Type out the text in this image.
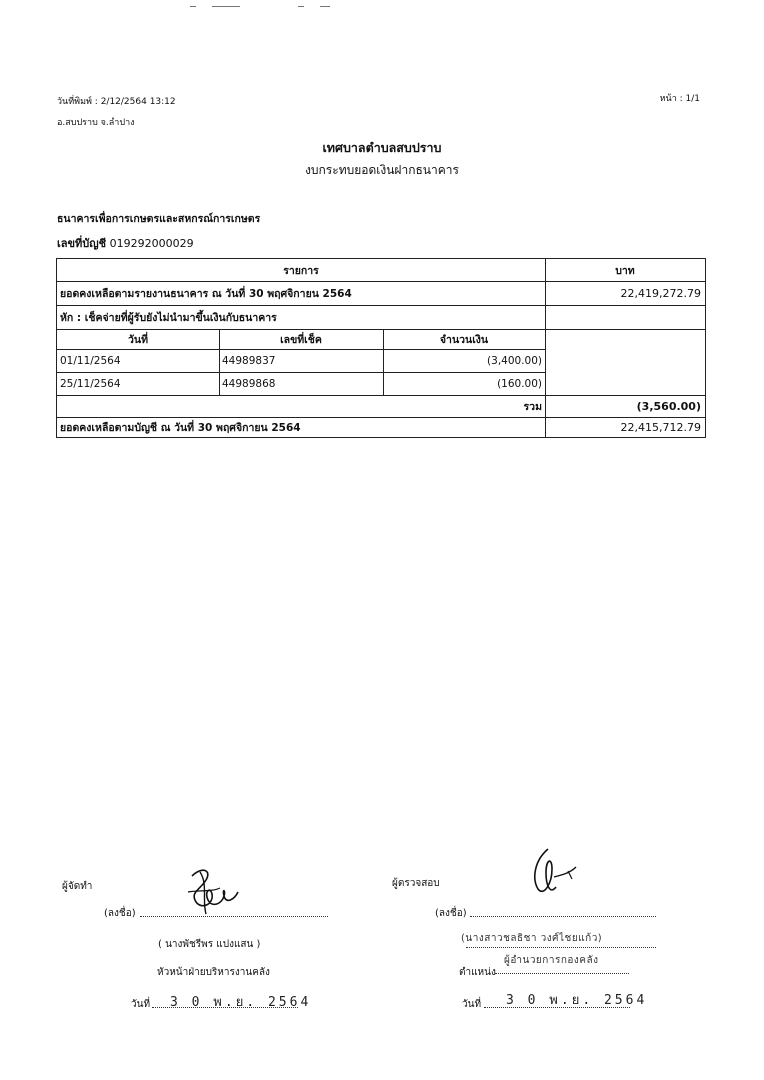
วันที่พิมพ์ : 2/12/2564 13:12
อ.สบปราบ จ.ลำปาง
หน้า : 1/1
เทศบาลตำบลสบปราบ
งบกระทบยอดเงินฝากธนาคาร
ธนาคารเพื่อการเกษตรและสหกรณ์การเกษตร
เลขที่บัญชี 019292000029
รายการ	บาท
ยอดคงเหลือตามรายงานธนาคาร ณ วันที่ 30 พฤศจิกายน 2564	22,419,272.79
หัก : เช็คจ่ายที่ผู้รับยังไม่นำมาขึ้นเงินกับธนาคาร
วันที่	เลขที่เช็ค	จำนวนเงิน
01/11/2564	44989837	(3,400.00)
25/11/2564	44989868	(160.00)
รวม	(3,560.00)
ยอดคงเหลือตามบัญชี ณ วันที่ 30 พฤศจิกายน 2564	22,415,712.79
ผู้จัดทำ
(ลงชื่อ)
( นางพัชรีพร แปงแสน )
หัวหน้าฝ่ายบริหารงานคลัง
วันที่ 3 0 พ.ย. 2564
ผู้ตรวจสอบ
(ลงชื่อ)
(นางสาวชลธิชา วงศ์ไชยแก้ว)
ตำแหน่ง
ผู้อำนวยการกองคลัง
วันที่ 3 0 พ.ย. 2564
